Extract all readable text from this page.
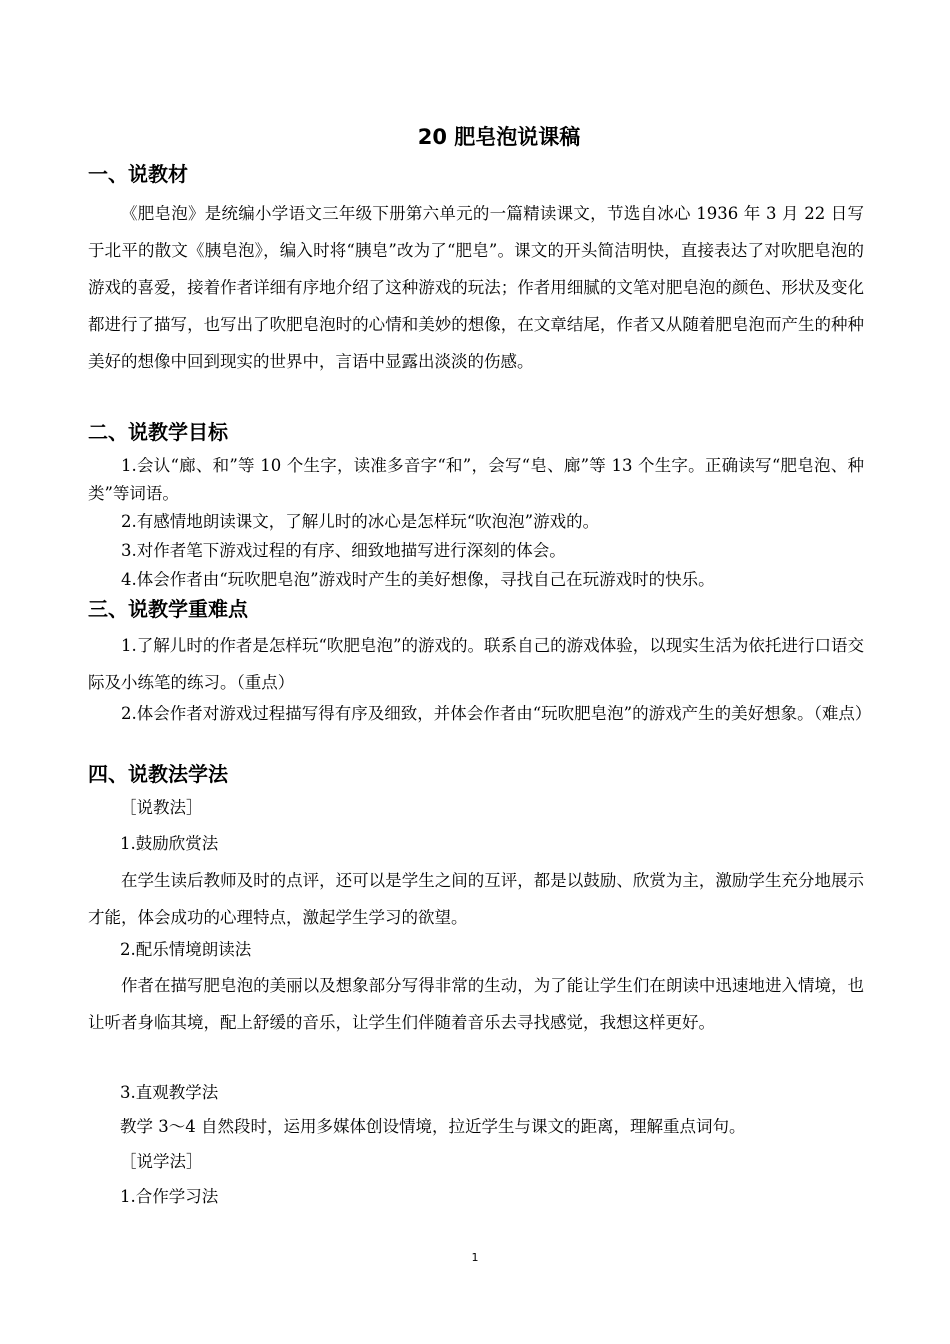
20 肥皂泡说课稿
一、说教材
《肥皂泡》是统编小学语文三年级下册第六单元的一篇精读课文，节选自冰心 1936 年 3 月 22 日写于北平的散文《胰皂泡》，编入时将“胰皂”改为了“肥皂”。课文的开头简洁明快，直接表达了对吹肥皂泡的游戏的喜爱，接着作者详细有序地介绍了这种游戏的玩法；作者用细腻的文笔对肥皂泡的颜色、形状及变化都进行了描写，也写出了吹肥皂泡时的心情和美妙的想像，在文章结尾，作者又从随着肥皂泡而产生的种种美好的想像中回到现实的世界中，言语中显露出淡淡的伤感。
二、说教学目标
1.会认“廊、和”等 10 个生字，读准多音字“和”，会写“皂、廊”等 13 个生字。正确读写“肥皂泡、种类”等词语。
2.有感情地朗读课文，了解儿时的冰心是怎样玩“吹泡泡”游戏的。
3.对作者笔下游戏过程的有序、细致地描写进行深刻的体会。
4.体会作者由“玩吹肥皂泡”游戏时产生的美好想像，寻找自己在玩游戏时的快乐。
三、说教学重难点
1.了解儿时的作者是怎样玩“吹肥皂泡”的游戏的。联系自己的游戏体验，以现实生活为依托进行口语交际及小练笔的练习。（重点）
2.体会作者对游戏过程描写得有序及细致，并体会作者由“玩吹肥皂泡”的游戏产生的美好想象。（难点）
四、说教法学法
［说教法］
1.鼓励欣赏法
在学生读后教师及时的点评，还可以是学生之间的互评，都是以鼓励、欣赏为主，激励学生充分地展示才能，体会成功的心理特点，激起学生学习的欲望。
2.配乐情境朗读法
作者在描写肥皂泡的美丽以及想象部分写得非常的生动，为了能让学生们在朗读中迅速地进入情境，也让听者身临其境，配上舒缓的音乐，让学生们伴随着音乐去寻找感觉，我想这样更好。
3.直观教学法
教学 3～4 自然段时，运用多媒体创设情境，拉近学生与课文的距离，理解重点词句。
［说学法］
1.合作学习法
1
